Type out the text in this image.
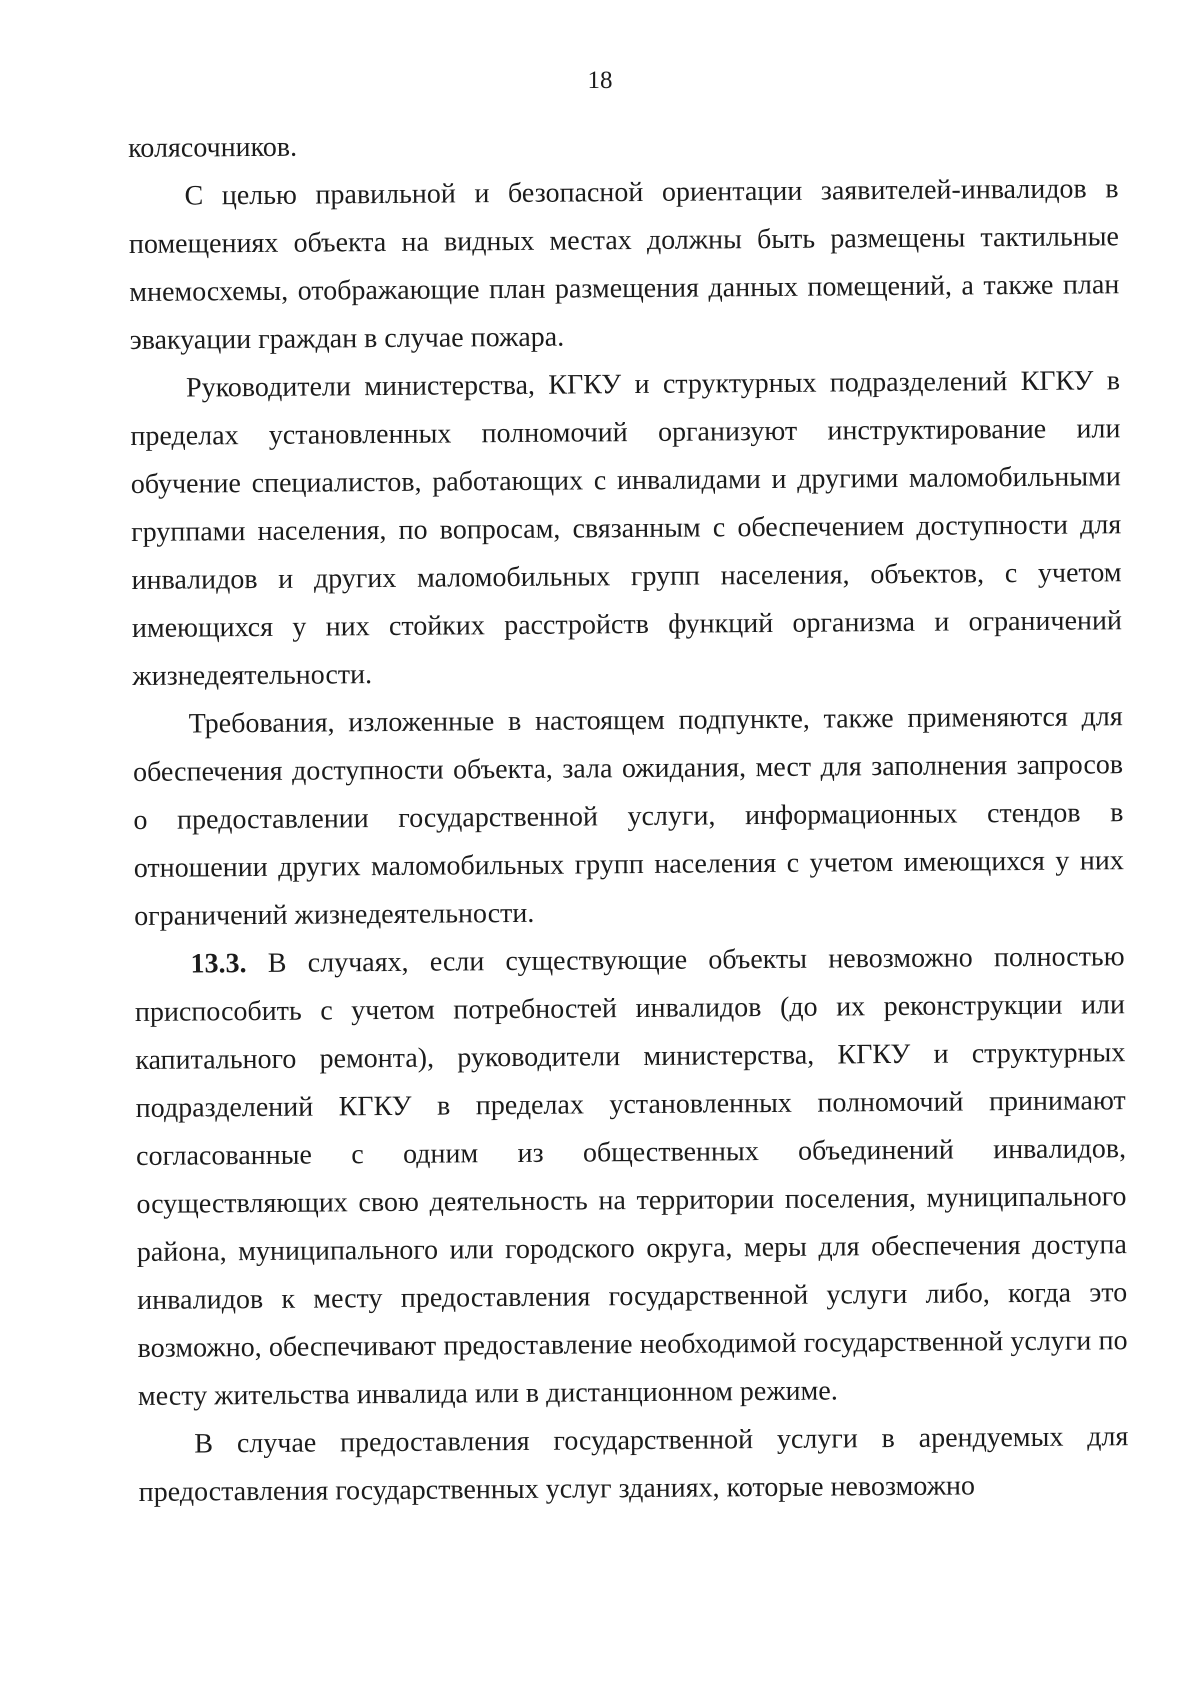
18

колясочников.

С целью правильной и безопасной ориентации заявителей-инвалидов в помещениях объекта на видных местах должны быть размещены тактильные мнемосхемы, отображающие план размещения данных помещений, а также план эвакуации граждан в случае пожара.

Руководители министерства, КГКУ и структурных подразделений КГКУ в пределах установленных полномочий организуют инструктирование или обучение специалистов, работающих с инвалидами и другими маломобильными группами населения, по вопросам, связанным с обеспечением доступности для инвалидов и других маломобильных групп населения, объектов, с учетом имеющихся у них стойких расстройств функций организма и ограничений жизнедеятельности.

Требования, изложенные в настоящем подпункте, также применяются для обеспечения доступности объекта, зала ожидания, мест для заполнения запросов о предоставлении государственной услуги, информационных стендов в отношении других маломобильных групп населения с учетом имеющихся у них ограничений жизнедеятельности.

13.3. В случаях, если существующие объекты невозможно полностью приспособить с учетом потребностей инвалидов (до их реконструкции или капитального ремонта), руководители министерства, КГКУ и структурных подразделений КГКУ в пределах установленных полномочий принимают согласованные с одним из общественных объединений инвалидов, осуществляющих свою деятельность на территории поселения, муниципального района, муниципального или городского округа, меры для обеспечения доступа инвалидов к месту предоставления государственной услуги либо, когда это возможно, обеспечивают предоставление необходимой государственной услуги по месту жительства инвалида или в дистанционном режиме.

В случае предоставления государственной услуги в арендуемых для предоставления государственных услуг зданиях, которые невозможно
